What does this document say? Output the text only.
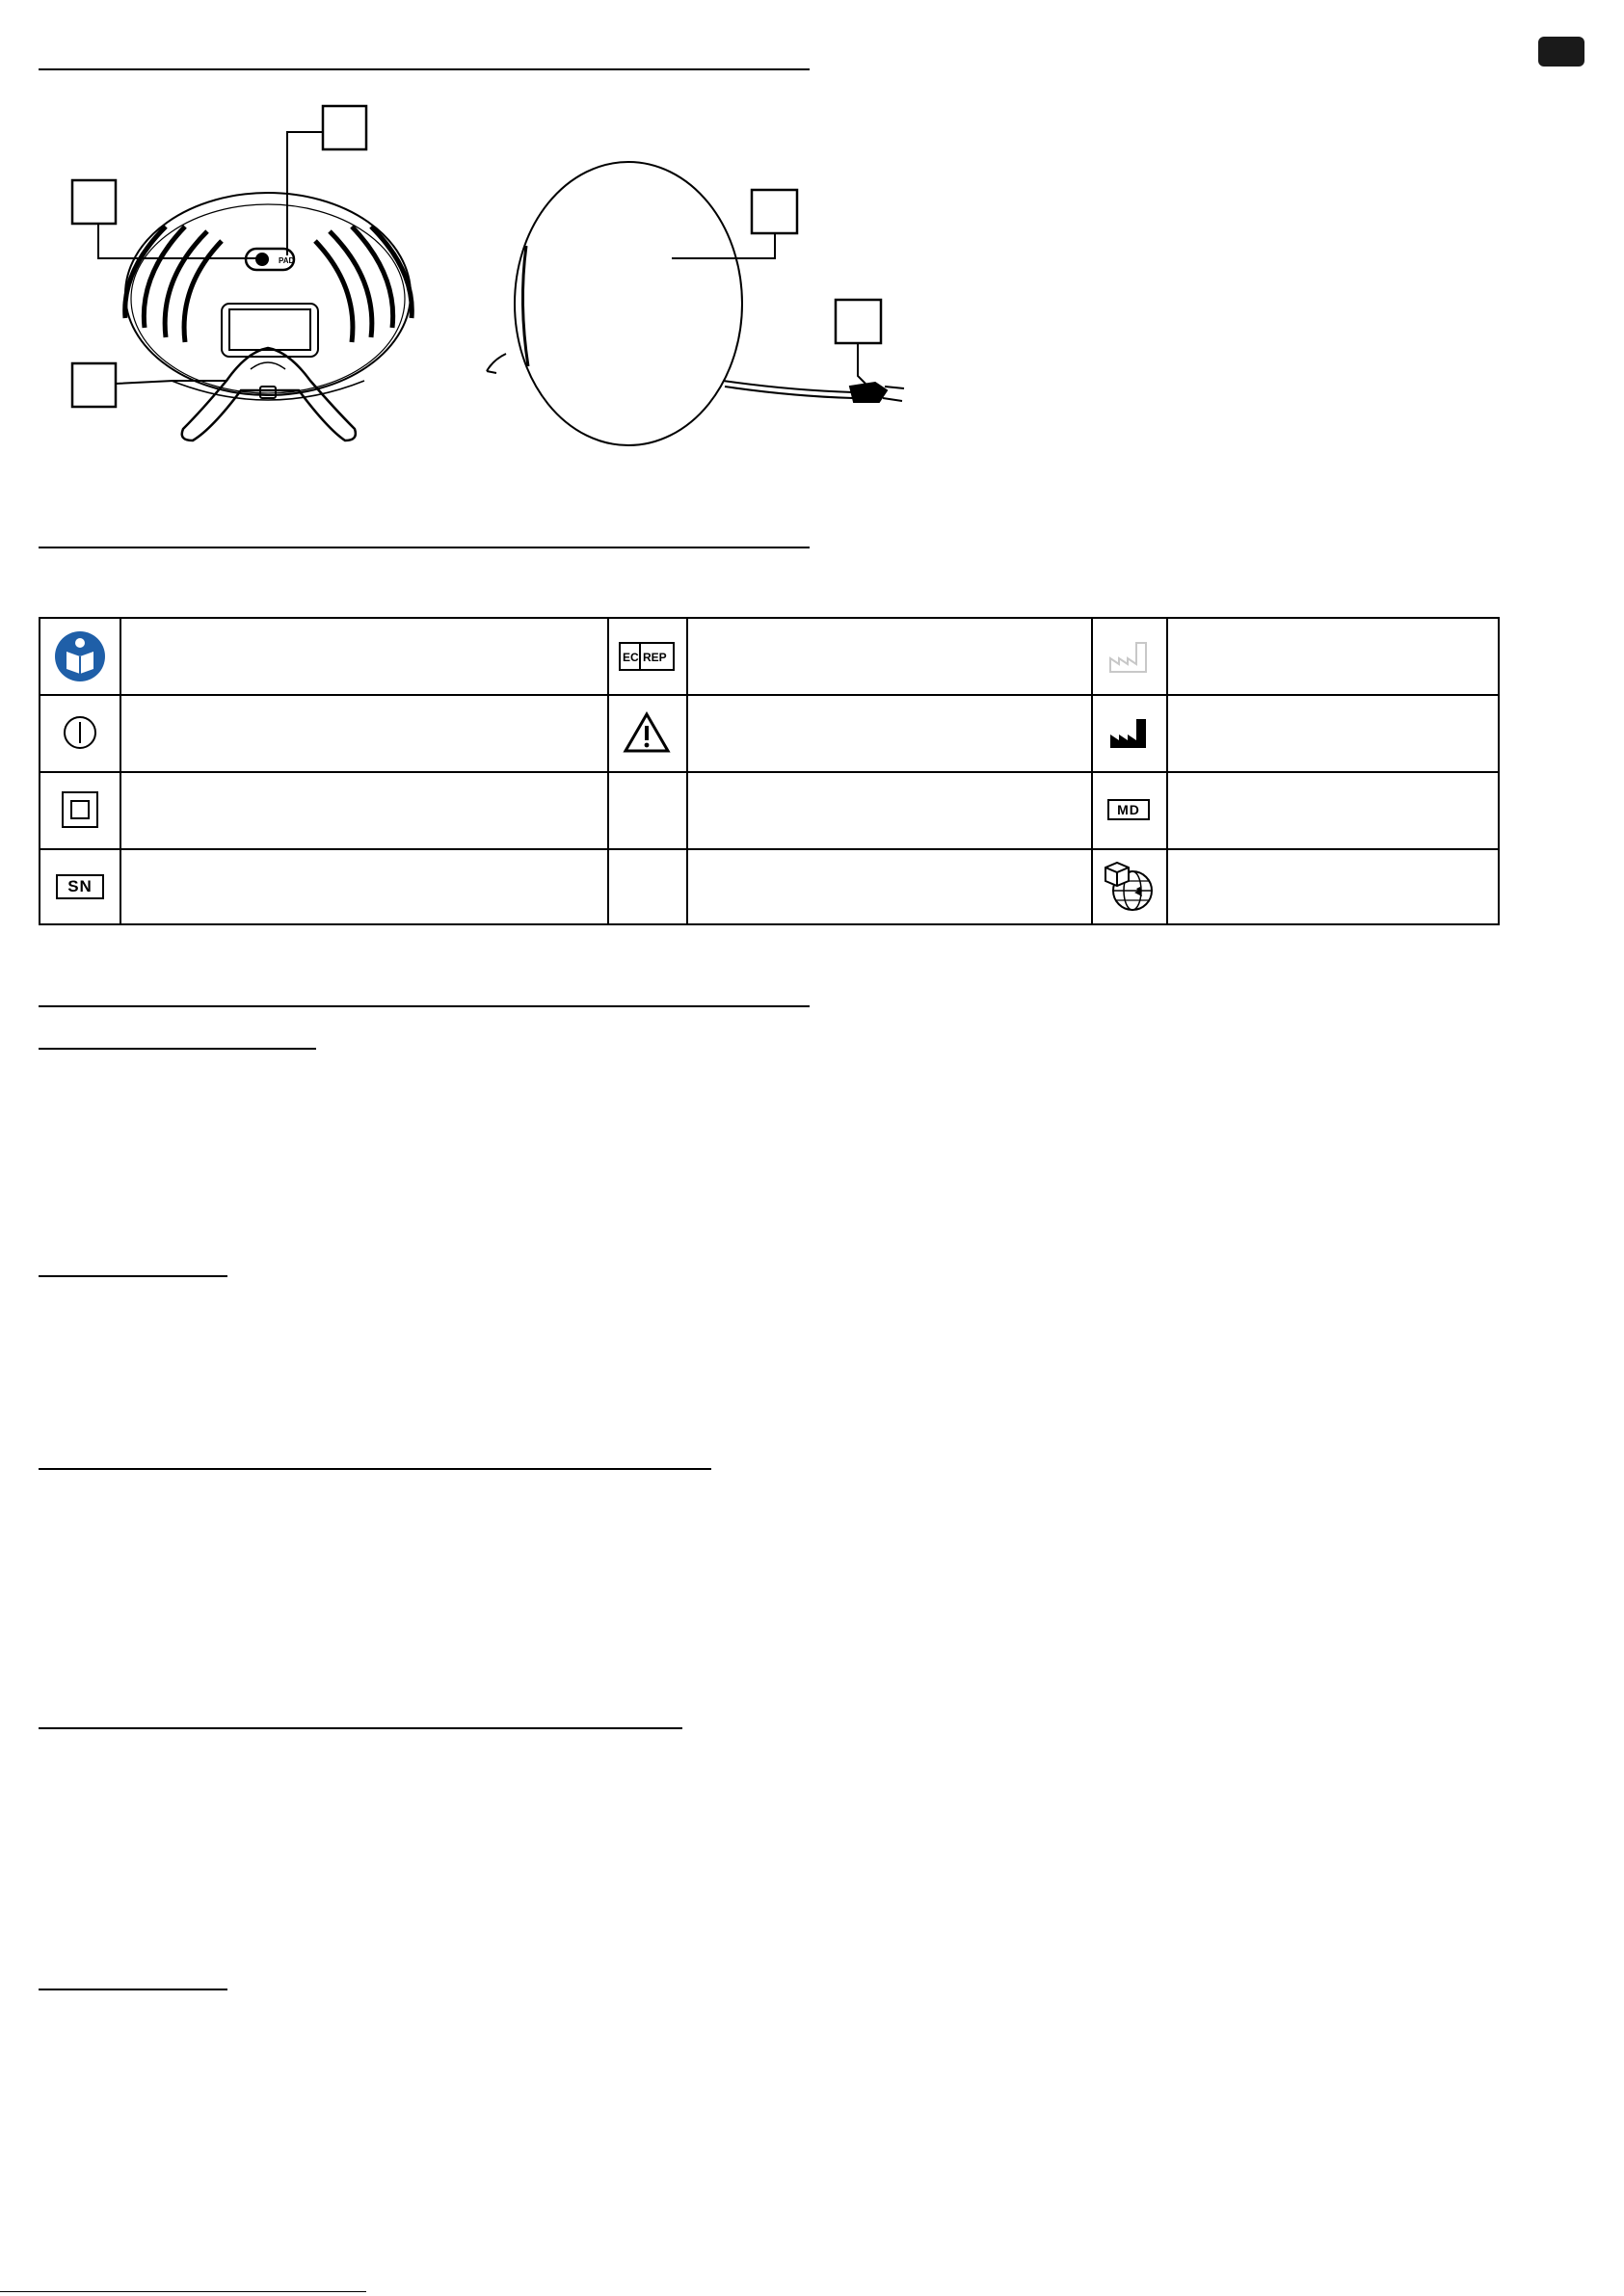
PAD
EC REP
MD
SN
